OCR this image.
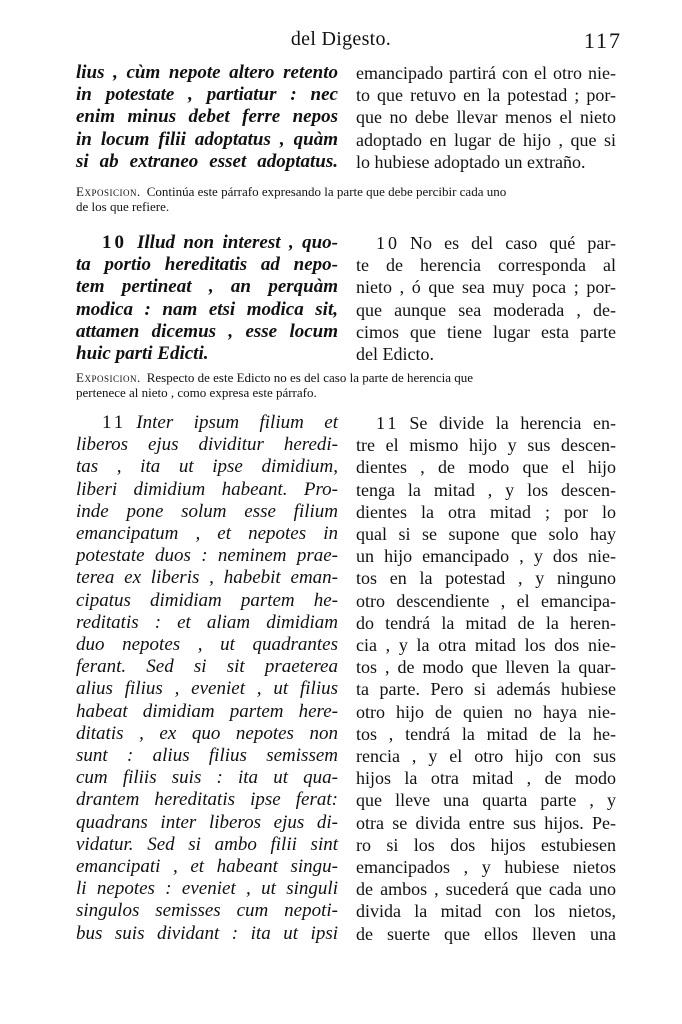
del Digesto.	117
lius , cùm nepote altero retento
in potestate , partiatur : nec
enim minus debet ferre nepos
in locum filii adoptatus , quàm
si ab extraneo esset adoptatus.
emancipado partirá con el otro nie-
to que retuvo en la potestad ; por-
que no debe llevar menos el nieto
adoptado en lugar de hijo , que si
lo hubiese adoptado un extraño.
Exposicion. Continúa este párrafo expresando la parte que debe percibir cada uno
de los que refiere.
10 Illud non interest , quo-
ta portio hereditatis ad nepo-
tem pertineat , an perquàm
modica : nam etsi modica sit,
attamen dicemus , esse locum
huic parti Edicti.
10 No es del caso qué par-
te de herencia corresponda al
nieto , ó que sea muy poca ; por-
que aunque sea moderada , de-
cimos que tiene lugar esta parte
del Edicto.
Exposicion. Respecto de este Edicto no es del caso la parte de herencia que
pertenece al nieto , como expresa este párrafo.
11 Inter ipsum filium et
liberos ejus dividitur heredi-
tas , ita ut ipse dimidium,
liberi dimidium habeant. Pro-
inde pone solum esse filium
emancipatum , et nepotes in
potestate duos : neminem prae-
terea ex liberis , habebit eman-
cipatus dimidiam partem he-
reditatis : et aliam dimidiam
duo nepotes , ut quadrantes
ferant. Sed si sit praeterea
alius filius , eveniet , ut filius
habeat dimidiam partem here-
ditatis , ex quo nepotes non
sunt : alius filius semissem
cum filiis suis : ita ut qua-
drantem hereditatis ipse ferat:
quadrans inter liberos ejus di-
vidatur. Sed si ambo filii sint
emancipati , et habeant singu-
li nepotes : eveniet , ut singuli
singulos semisses cum nepoti-
bus suis dividant : ita ut ipsi
11 Se divide la herencia en-
tre el mismo hijo y sus descen-
dientes , de modo que el hijo
tenga la mitad , y los descen-
dientes la otra mitad ; por lo
qual si se supone que solo hay
un hijo emancipado , y dos nie-
tos en la potestad , y ninguno
otro descendiente , el emancipa-
do tendrá la mitad de la heren-
cia , y la otra mitad los dos nie-
tos , de modo que lleven la quar-
ta parte. Pero si además hubiese
otro hijo de quien no haya nie-
tos , tendrá la mitad de la he-
rencia , y el otro hijo con sus
hijos la otra mitad , de modo
que lleve una quarta parte , y
otra se divida entre sus hijos. Pe-
ro si los dos hijos estubiesen
emancipados , y hubiese nietos
de ambos , sucederá que cada uno
divida la mitad con los nietos,
de suerte que ellos lleven una
